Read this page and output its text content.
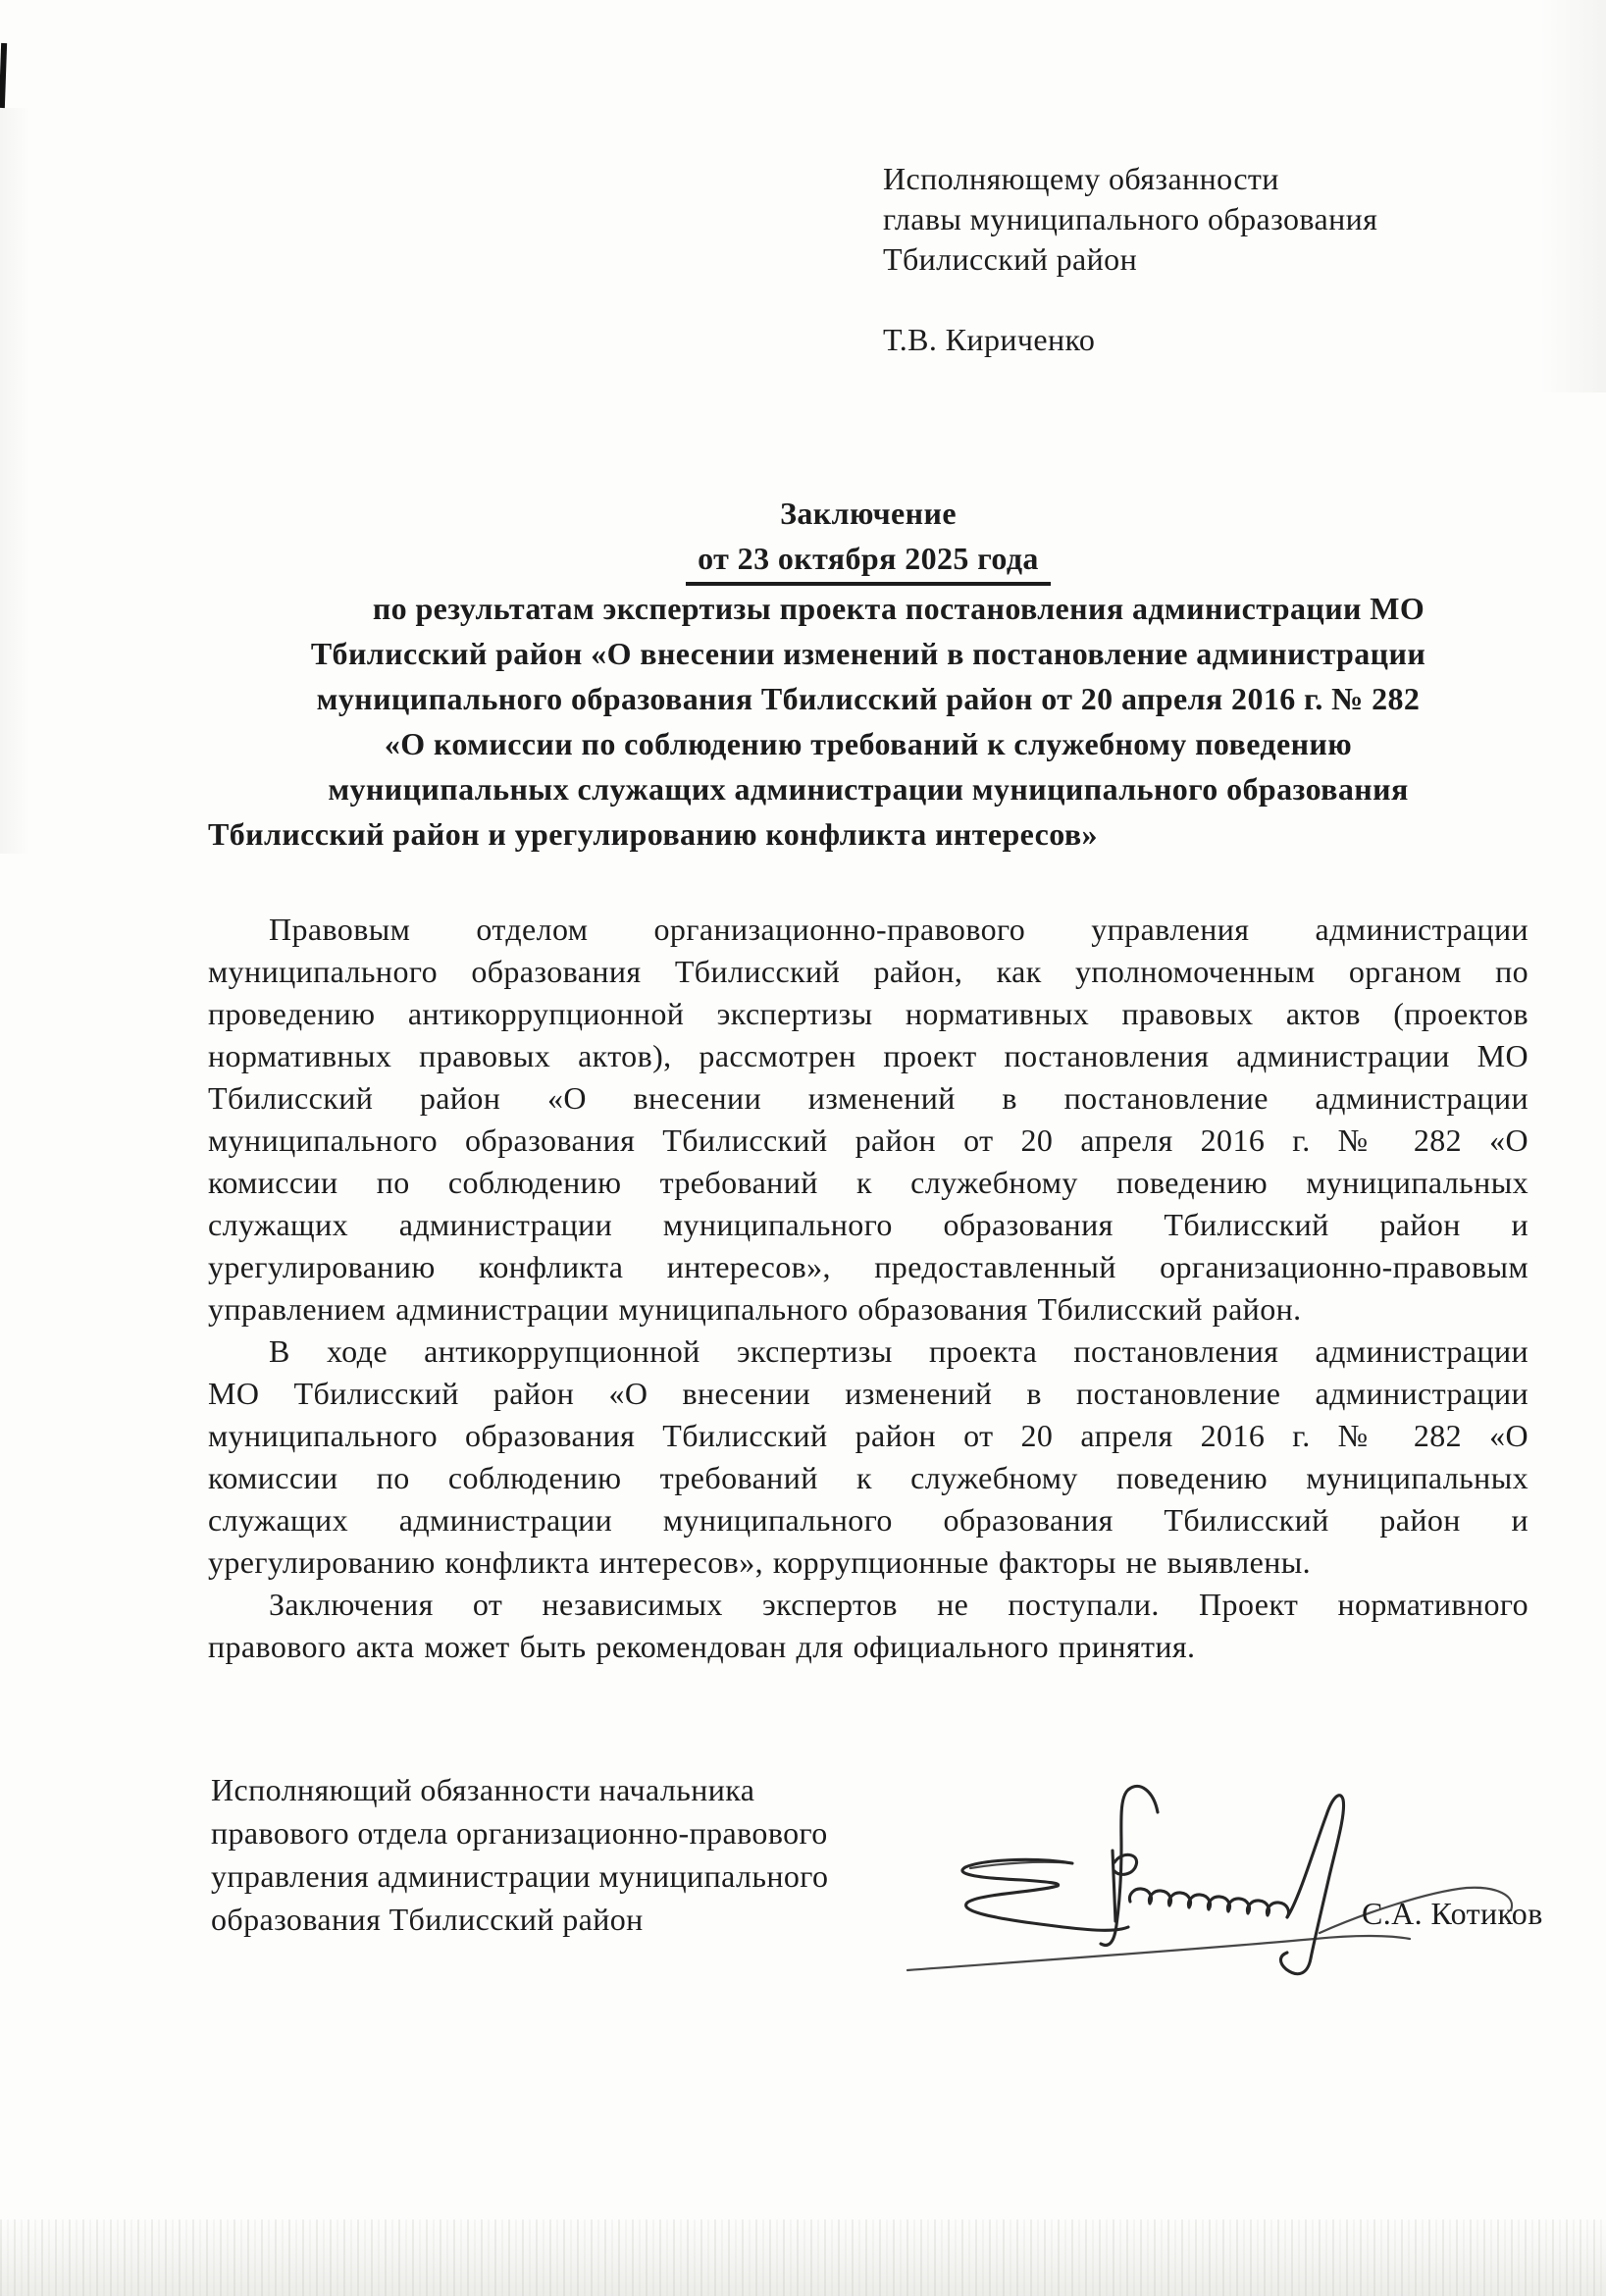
Исполняющему обязанности
главы муниципального образования
Тбилисский район
Т.В. Кириченко
Заключение
от 23 октября 2025 года
по результатам экспертизы проекта постановления администрации МО
Тбилисский район «О внесении изменений в постановление администрации
муниципального образования Тбилисский район от 20 апреля 2016 г. № 282
«О комиссии по соблюдению требований к служебному поведению
муниципальных служащих администрации муниципального образования
Тбилисский район и урегулированию конфликта интересов»
Правовым отделом организационно-правового управления администрации
муниципального образования Тбилисский район, как уполномоченным органом по
проведению антикоррупционной экспертизы нормативных правовых актов (проектов
нормативных правовых актов), рассмотрен проект постановления администрации МО
Тбилисский район «О внесении изменений в постановление администрации
муниципального образования Тбилисский район от 20 апреля 2016 г. № 282 «О
комиссии по соблюдению требований к служебному поведению муниципальных
служащих администрации муниципального образования Тбилисский район и
урегулированию конфликта интересов», предоставленный организационно-правовым
управлением администрации муниципального образования Тбилисский район.
В ходе антикоррупционной экспертизы проекта постановления администрации
МО Тбилисский район «О внесении изменений в постановление администрации
муниципального образования Тбилисский район от 20 апреля 2016 г. № 282 «О
комиссии по соблюдению требований к служебному поведению муниципальных
служащих администрации муниципального образования Тбилисский район и
урегулированию конфликта интересов», коррупционные факторы не выявлены.
Заключения от независимых экспертов не поступали. Проект нормативного
правового акта может быть рекомендован для официального принятия.
Исполняющий обязанности начальника
правового отдела организационно-правового
управления администрации муниципального
образования Тбилисский район	С.А. Котиков
